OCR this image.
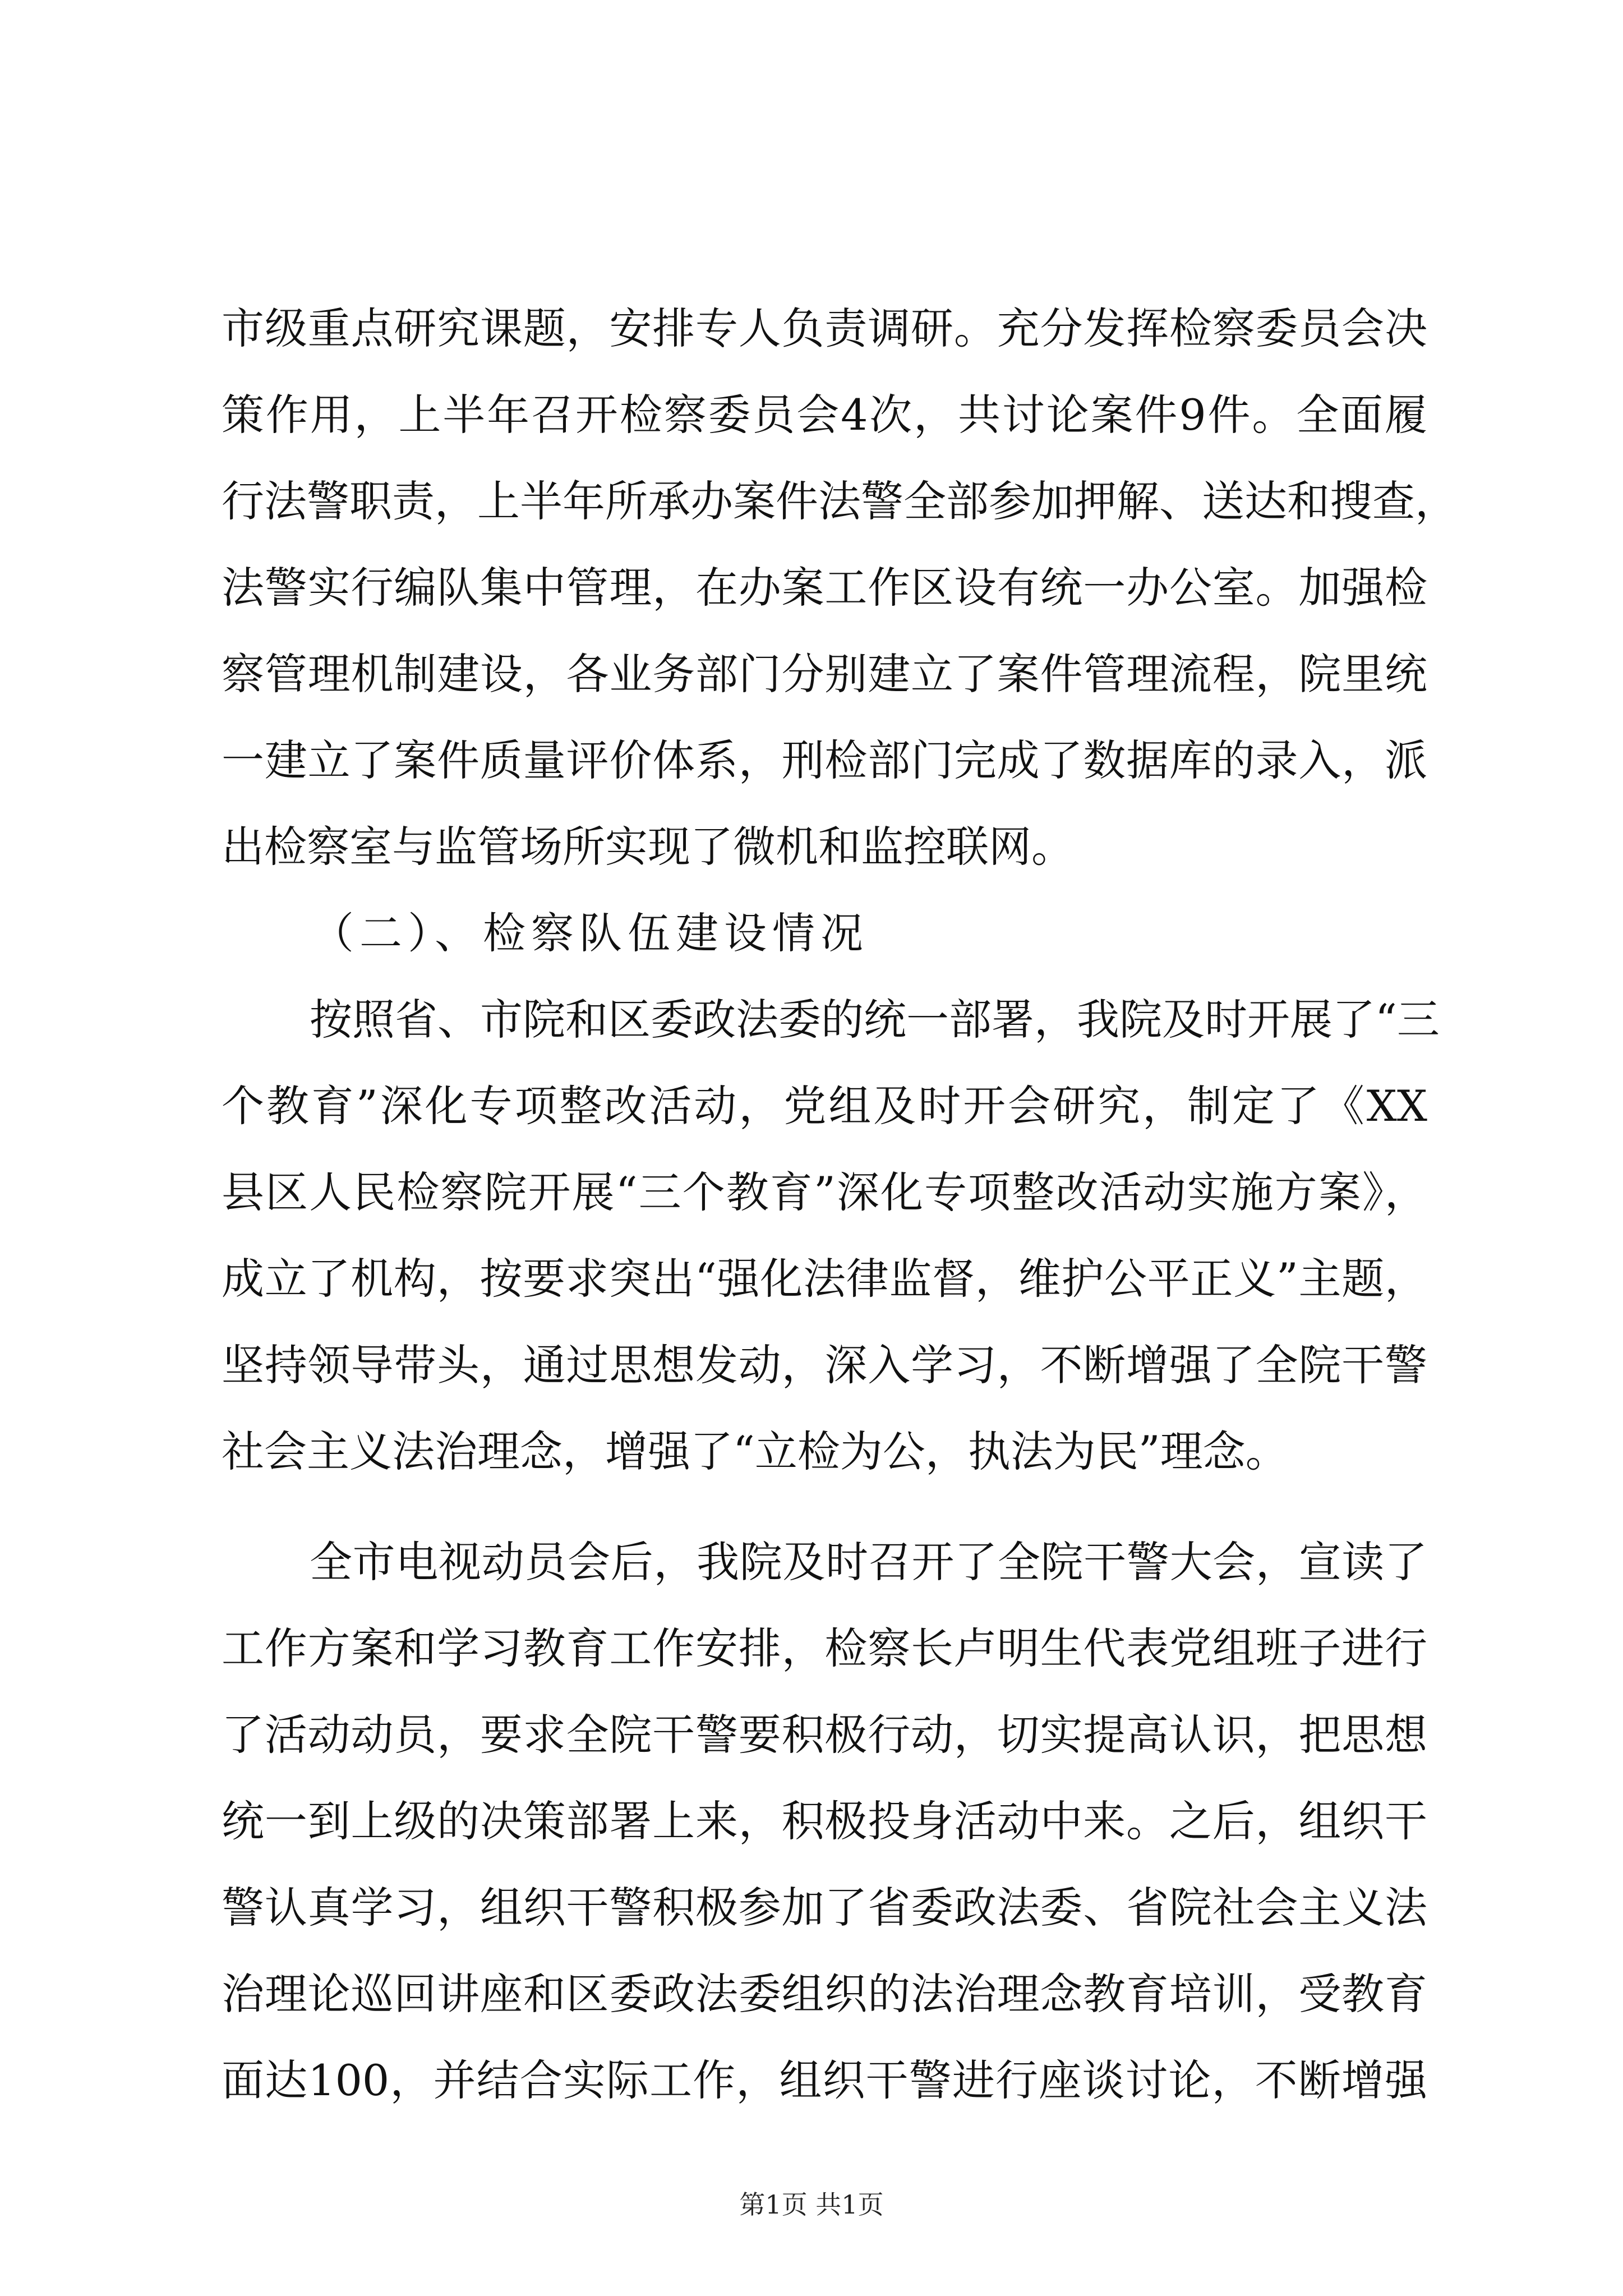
市级重点研究课题，安排专人负责调研。充分发挥检察委员会决
策作用，上半年召开检察委员会4次，共讨论案件9件。全面履
行法警职责，上半年所承办案件法警全部参加押解、送达和搜查，
法警实行编队集中管理，在办案工作区设有统一办公室。加强检
察管理机制建设，各业务部门分别建立了案件管理流程，院里统
一建立了案件质量评价体系，刑检部门完成了数据库的录入，派
出检察室与监管场所实现了微机和监控联网。
（二）、检察队伍建设情况
按照省、市院和区委政法委的统一部署，我院及时开展了“三
个教育”深化专项整改活动，党组及时开会研究，制定了《XX
县区人民检察院开展“三个教育”深化专项整改活动实施方案》，
成立了机构，按要求突出“强化法律监督，维护公平正义”主题，
坚持领导带头，通过思想发动，深入学习，不断增强了全院干警
社会主义法治理念，增强了“立检为公，执法为民”理念。
全市电视动员会后，我院及时召开了全院干警大会，宣读了
工作方案和学习教育工作安排，检察长卢明生代表党组班子进行
了活动动员，要求全院干警要积极行动，切实提高认识，把思想
统一到上级的决策部署上来，积极投身活动中来。之后，组织干
警认真学习，组织干警积极参加了省委政法委、省院社会主义法
治理论巡回讲座和区委政法委组织的法治理念教育培训，受教育
面达100，并结合实际工作，组织干警进行座谈讨论，不断增强
第1页 共1页
